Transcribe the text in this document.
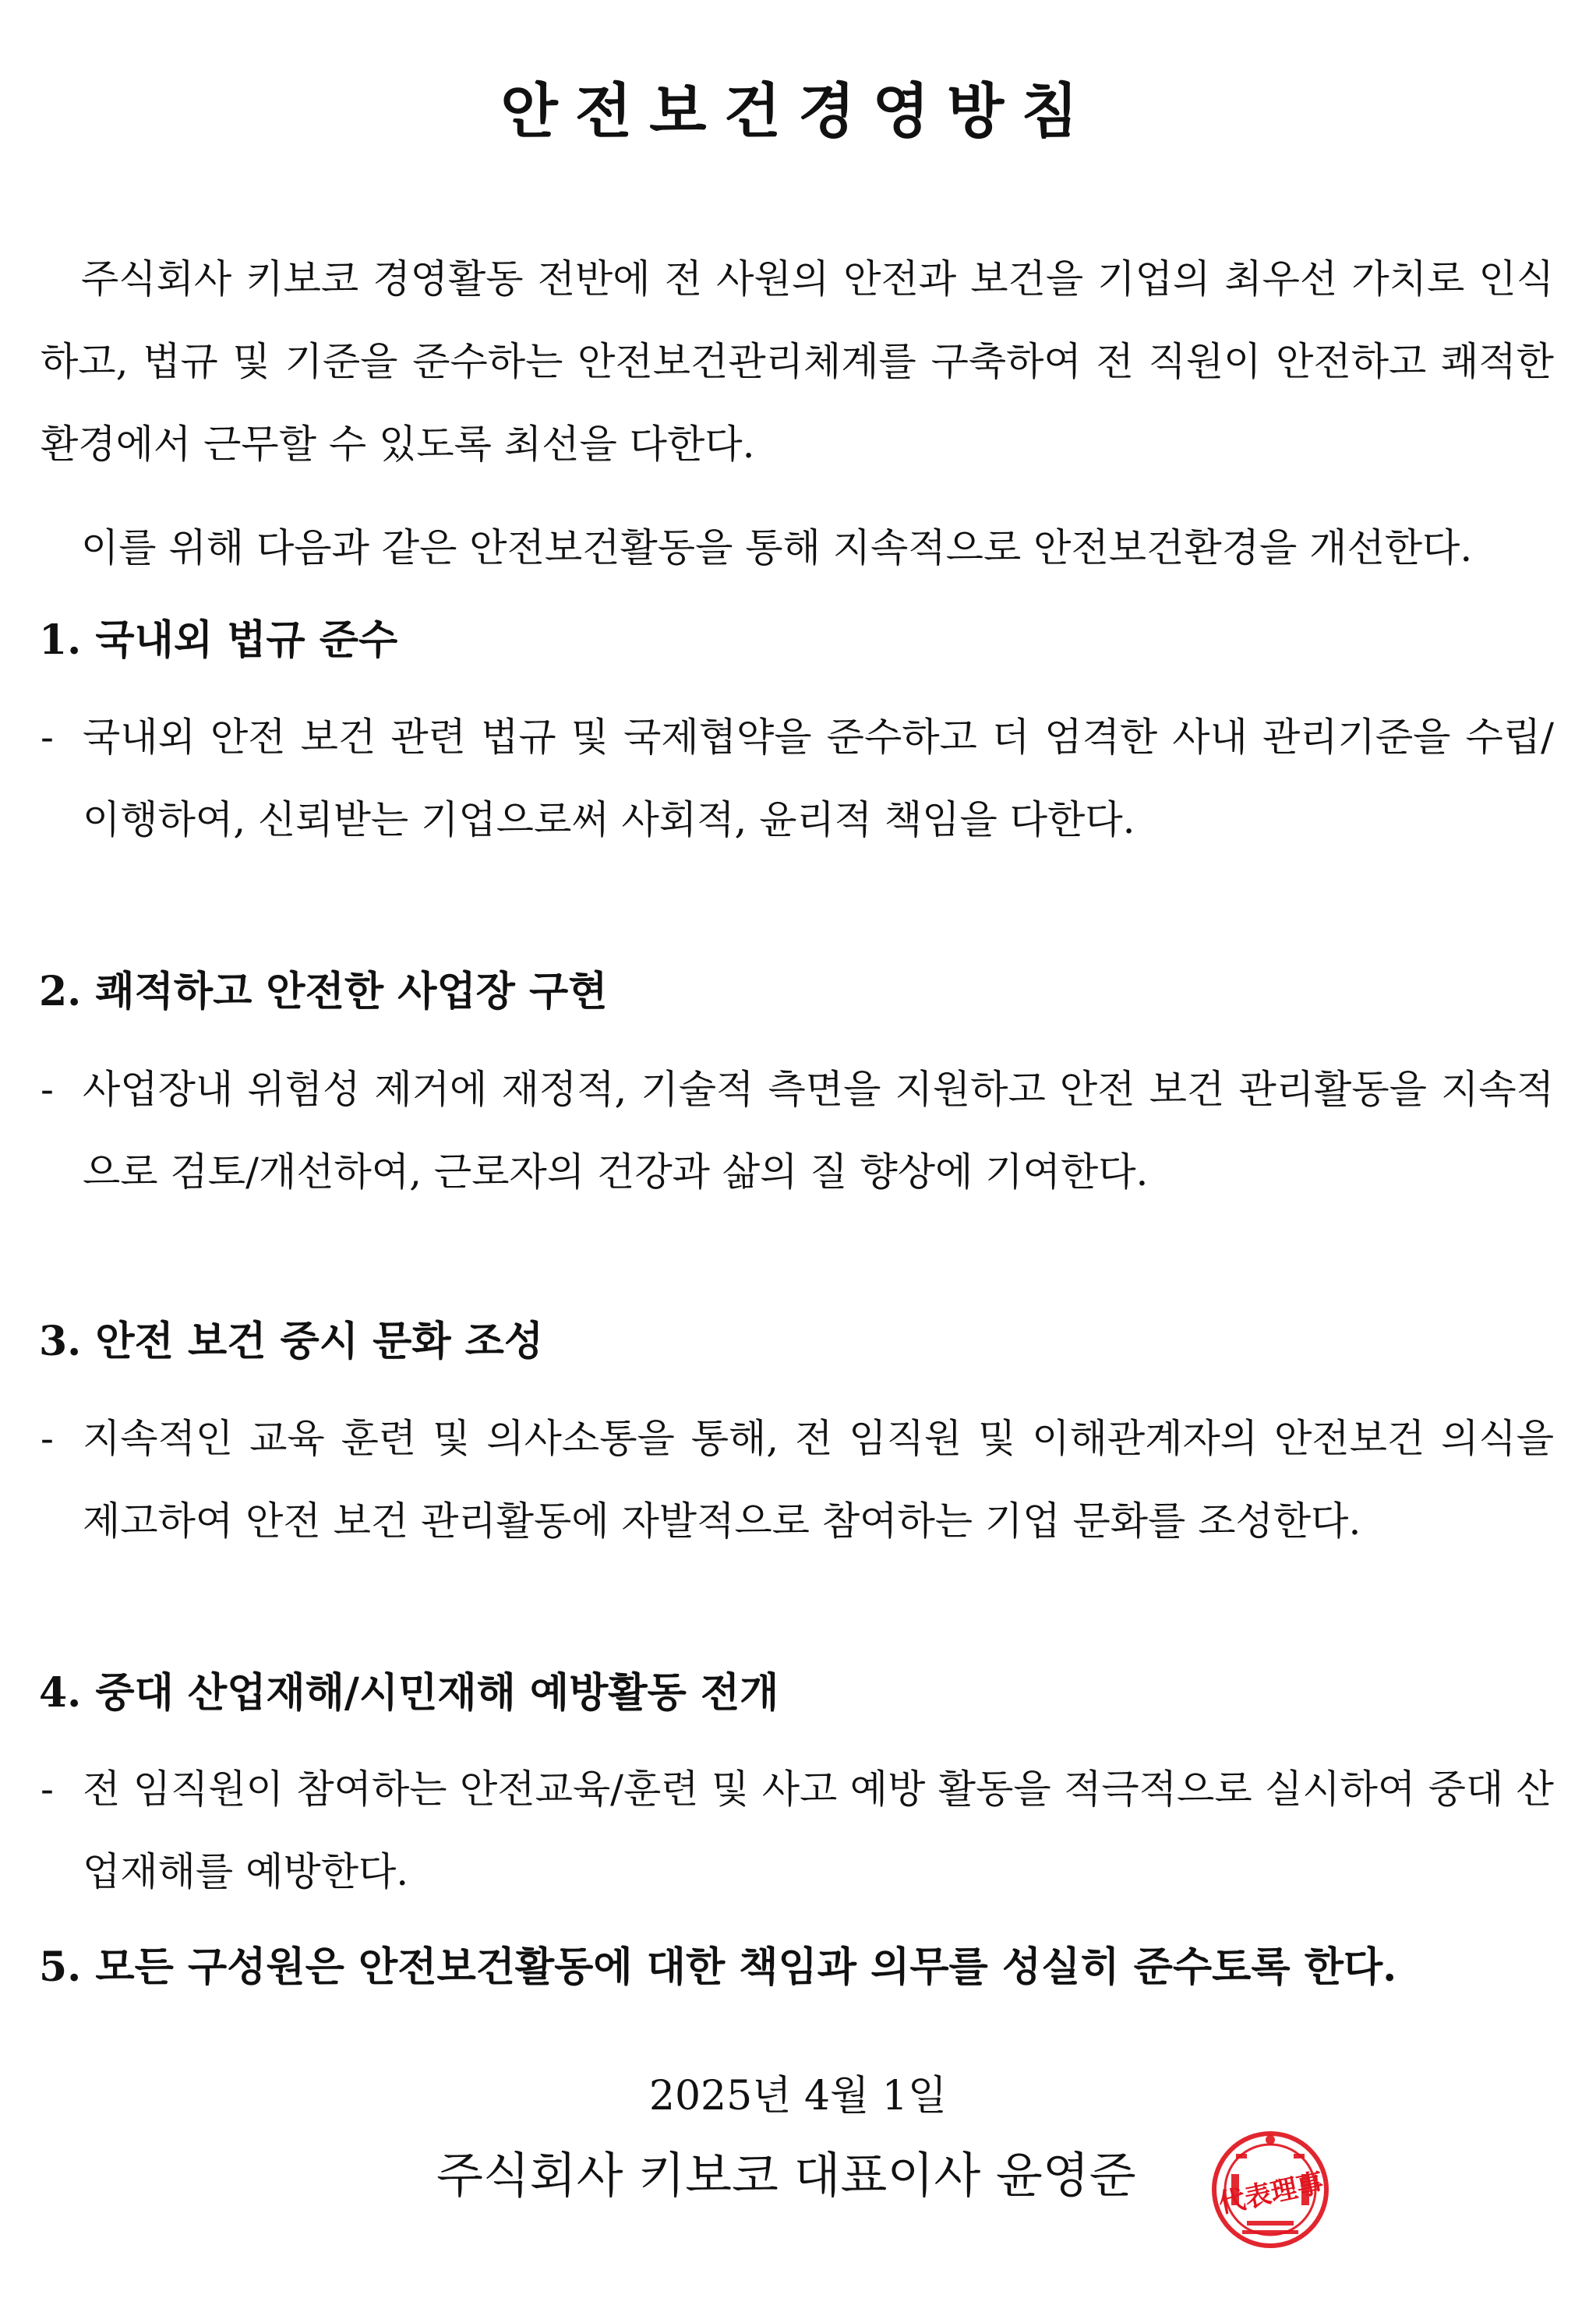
안전보건경영방침

주식회사 키보코 경영활동 전반에 전 사원의 안전과 보건을 기업의 최우선 가치로 인식하고, 법규 및 기준을 준수하는 안전보건관리체계를 구축하여 전 직원이 안전하고 쾌적한 환경에서 근무할 수 있도록 최선을 다한다.

이를 위해 다음과 같은 안전보건활동을 통해 지속적으로 안전보건환경을 개선한다.

1. 국내외 법규 준수

- 국내외 안전 보건 관련 법규 및 국제협약을 준수하고 더 엄격한 사내 관리기준을 수립/이행하여, 신뢰받는 기업으로써 사회적, 윤리적 책임을 다한다.

2. 쾌적하고 안전한 사업장 구현

- 사업장내 위험성 제거에 재정적, 기술적 측면을 지원하고 안전 보건 관리활동을 지속적으로 검토/개선하여, 근로자의 건강과 삶의 질 향상에 기여한다.

3. 안전 보건 중시 문화 조성

- 지속적인 교육 훈련 및 의사소통을 통해, 전 임직원 및 이해관계자의 안전보건 의식을 제고하여 안전 보건 관리활동에 자발적으로 참여하는 기업 문화를 조성한다.

4. 중대 산업재해/시민재해 예방활동 전개

- 전 임직원이 참여하는 안전교육/훈련 및 사고 예방 활동을 적극적으로 실시하여 중대 산업재해를 예방한다.

5. 모든 구성원은 안전보건활동에 대한 책임과 의무를 성실히 준수토록 한다.
2025년 4월 1일
주식회사 키보코 대표이사 윤영준	代表理事
